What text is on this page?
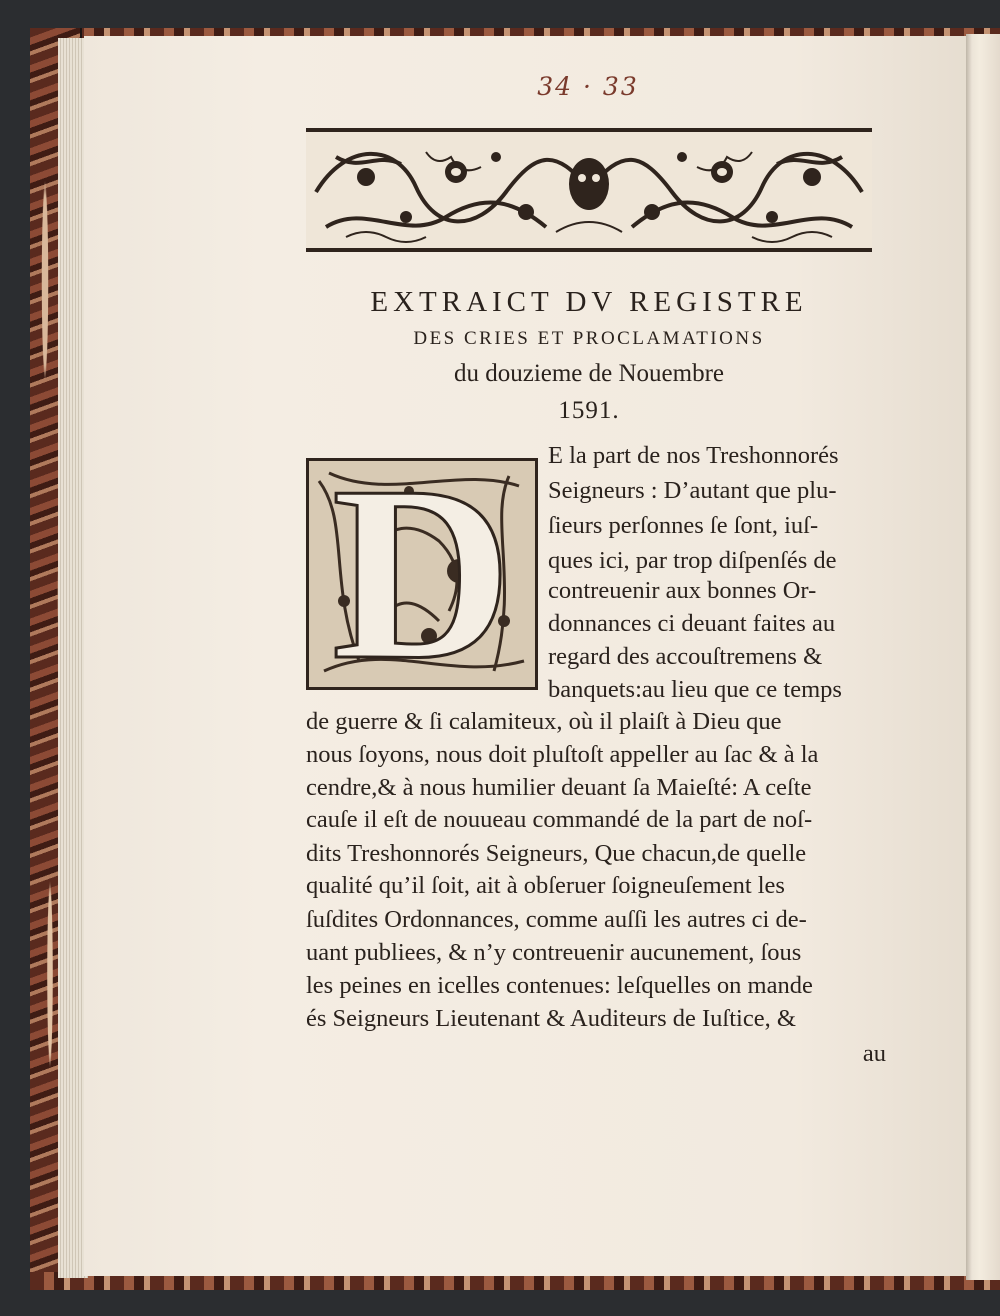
34 · 33
EXTRAICT DV REGISTRE
DES CRIES ET PROCLAMATIONS
du douzieme de Nouembre
1591.
D	E la part de nos Treshonnorés
Seigneurs : D’autant que plu-
ſieurs perſonnes ſe ſont, iuſ-
ques ici, par trop diſpenſés de
contreuenir aux bonnes Or-
donnances ci deuant faites au
regard des accouſtremens &
banquets:au lieu que ce temps
de guerre & ſi calamiteux, où il plaiſt à Dieu que
nous ſoyons, nous doit pluſtoſt appeller au ſac & à la
cendre,& à nous humilier deuant ſa Maieſté: A ceſte
cauſe il eſt de nouueau commandé de la part de noſ-
dits Treshonnorés Seigneurs, Que chacun,de quelle
qualité qu’il ſoit, ait à obſeruer ſoigneuſement les
ſuſdites Ordonnances, comme auſſi les autres ci de-
uant publiees, & n’y contreuenir aucunement, ſous
les peines en icelles contenues: leſquelles on mande
és Seigneurs Lieutenant & Auditeurs de Iuſtice, &
au
